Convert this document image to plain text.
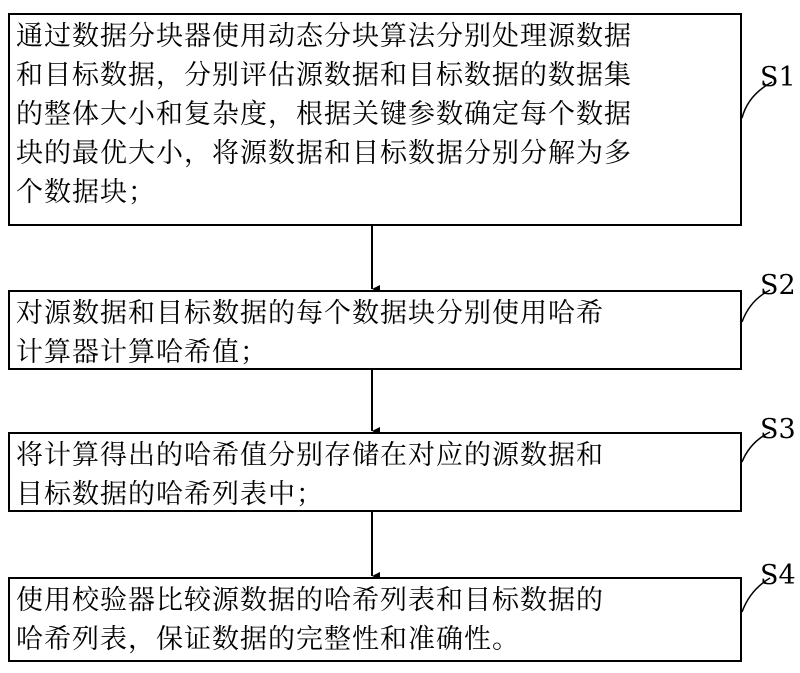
通过数据分块器使用动态分块算法分别处理源数据

和目标数据，分别评估源数据和目标数据的数据集

的整体大小和复杂度，根据关键参数确定每个数据

块的最优大小，将源数据和目标数据分别分解为多

个数据块；

S1

对源数据和目标数据的每个数据块分别使用哈希

计算器计算哈希值；

S2

将计算得出的哈希值分别存储在对应的源数据和

目标数据的哈希列表中；

S3

使用校验器比较源数据的哈希列表和目标数据的

哈希列表，保证数据的完整性和准确性。

S4
